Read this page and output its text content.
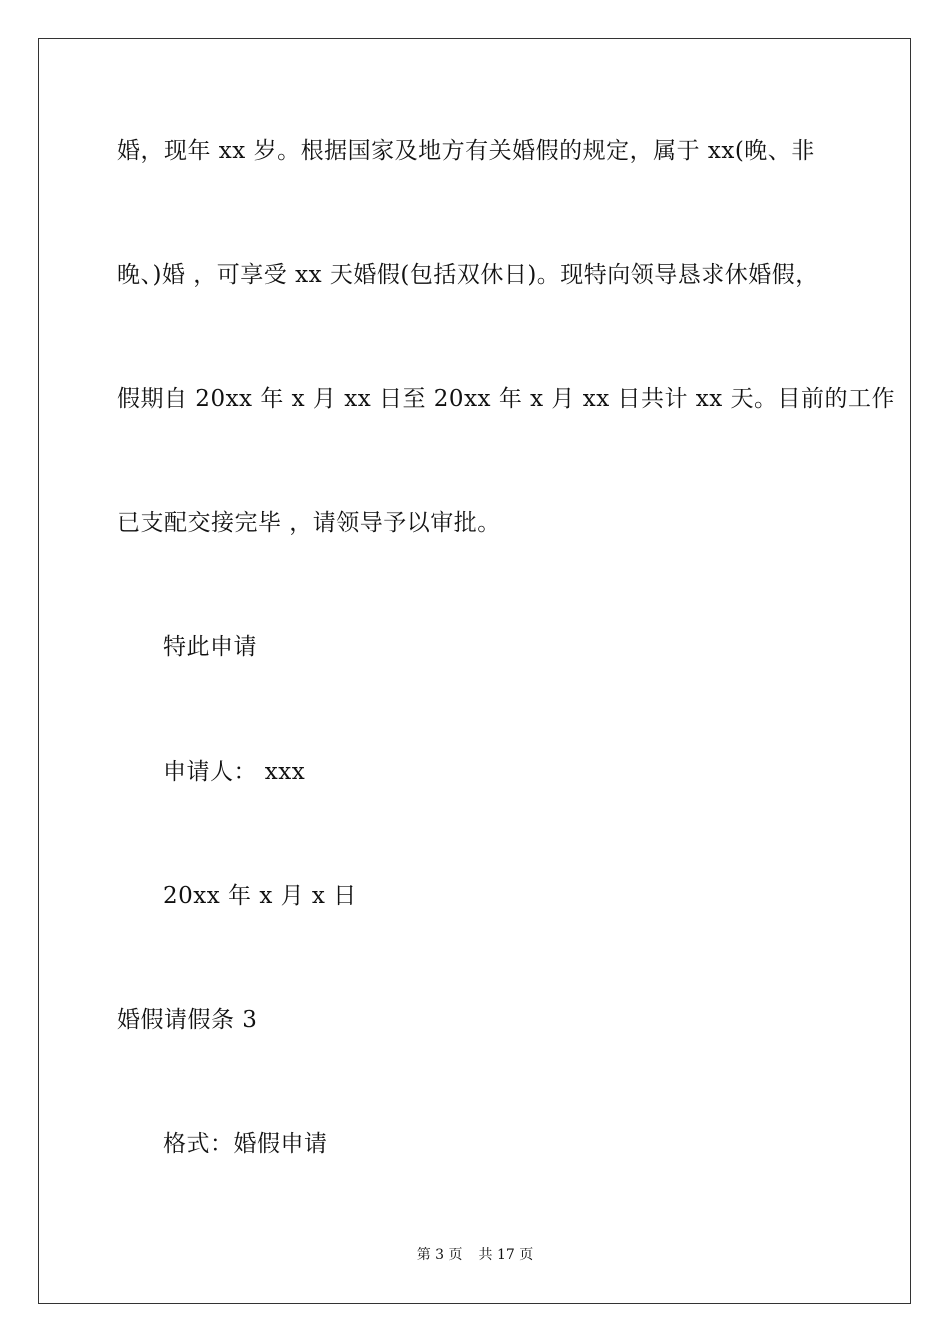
婚，现年 xx 岁。根据国家及地方有关婚假的规定，属于 xx(晚、非
晚、)婚 ，可享受 xx 天婚假(包括双休日)。现特向领导恳求休婚假，
假期自 20xx 年 x 月 xx 日至 20xx 年 x 月 xx 日共计 xx 天。目前的工作
已支配交接完毕 ，请领导予以审批。
特此申请
申请人： xxx
20xx 年 x 月 x 日
婚假请假条 3
格式：婚假申请
第 3 页 共 17 页
